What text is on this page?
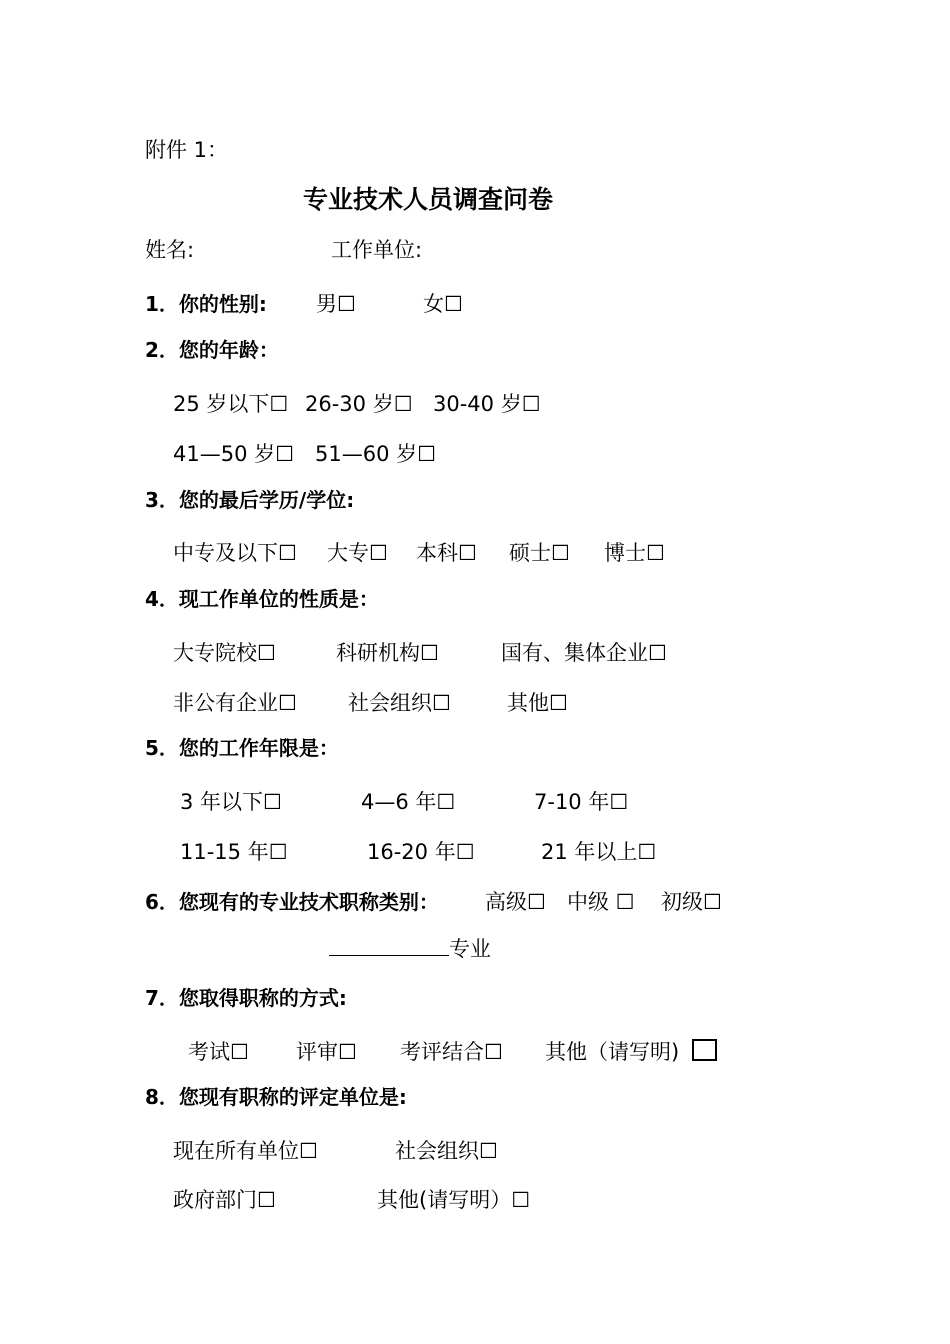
附件 1：
专业技术人员调查问卷
姓名:	工作单位:
1．你的性别: 男☐	女☐
2．您的年龄：
25 岁以下☐ 26-30 岁☐ 30-40 岁☐
41—50 岁☐ 51—60 岁☐
3．您的最后学历/学位:
中专及以下☐ 大专☐ 本科☐ 硕士☐ 博士☐
4．现工作单位的性质是：
大专院校☐	科研机构☐	国有、集体企业☐
非公有企业☐ 社会组织☐	其他☐
5．您的工作年限是：
3 年以下☐	4—6 年☐	7-10 年☐
11-15 年☐	16-20 年☐	21 年以上☐
6．您现有的专业技术职称类别： 高级☐ 中级 ☐ 初级☐
专业
7．您取得职称的方式:
考试☐ 评审☐ 考评结合☐ 其他（请写明)
8．您现有职称的评定单位是:
现在所有单位☐	社会组织☐
政府部门☐	其他(请写明）☐
